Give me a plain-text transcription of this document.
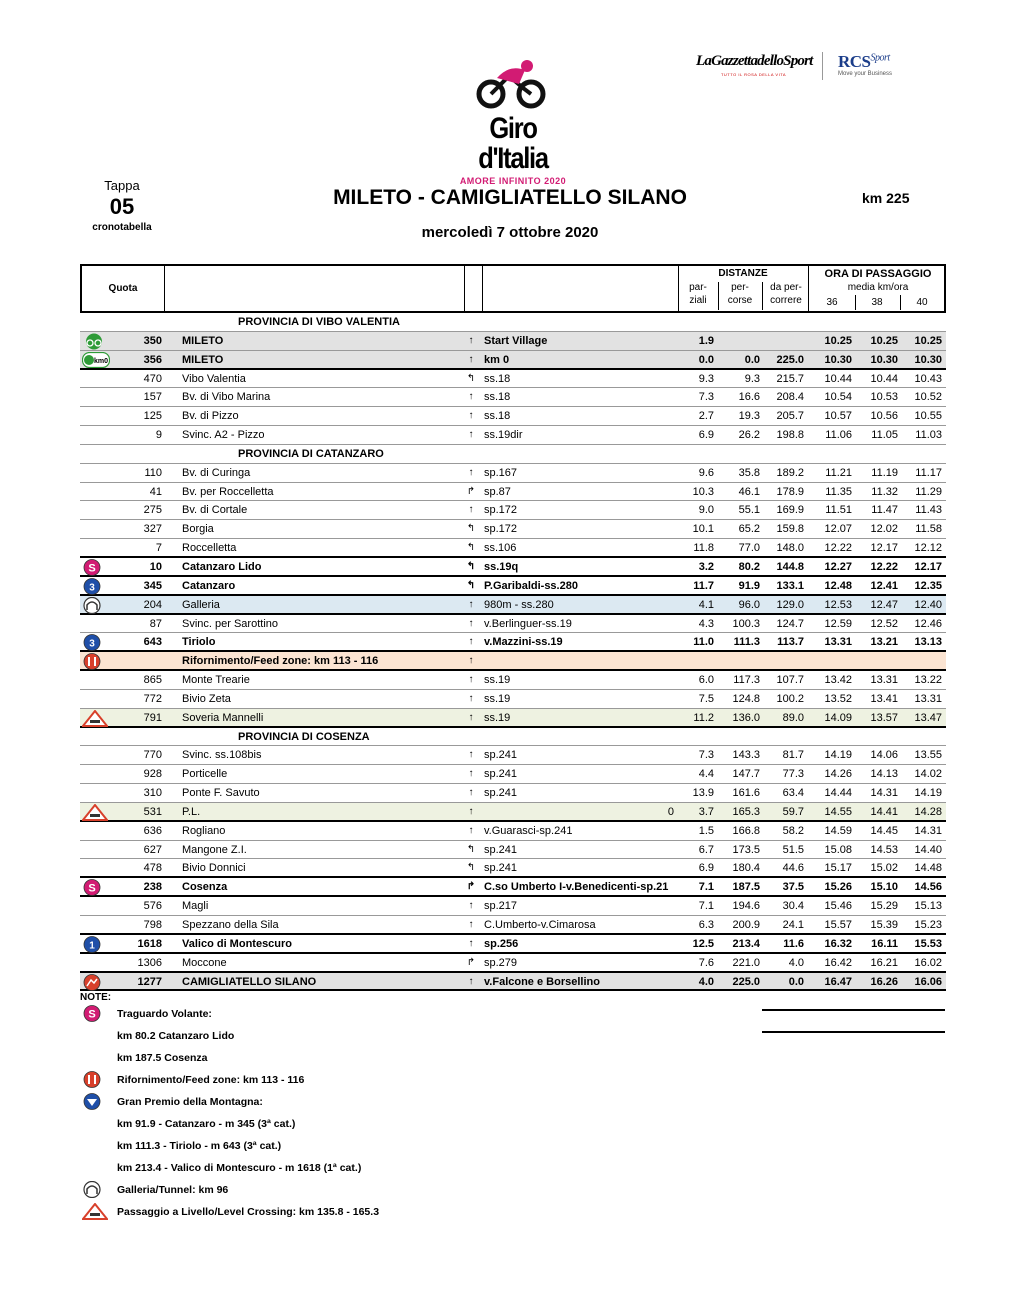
Giro d'Italia
AMORE INFINITO 2020
LaGazzettadelloSport
TUTTO IL ROSA DELLA VITA
$RCS^{Sport}$
Move your Business
Tappa
05
cronotabella
MILETO - CAMIGLIATELLO SILANO
mercoledì 7 ottobre 2020
km 225
Quota
DISTANZE
par-
ziali
per-
corse
da per-
correre
ORA DI PASSAGGIO
media km/ora
36	38	40
PROVINCIA DI VIBO VALENTIA
350 MILETO	↑ Start Village	1.9	10.25	10.25	10.25
km0	356 MILETO	↑ km 0	0.0	0.0	225.0	10.30	10.30	10.30
470 Vibo Valentia	↰ ss.18	9.3	9.3	215.7	10.44	10.44	10.43
157 Bv. di Vibo Marina	↑ ss.18	7.3	16.6	208.4	10.54	10.53	10.52
125 Bv. di Pizzo	↑ ss.18	2.7	19.3	205.7	10.57	10.56	10.55
9 Svinc. A2 - Pizzo	↑ ss.19dir	6.9	26.2	198.8	11.06	11.05	11.03
PROVINCIA DI CATANZARO
110 Bv. di Curinga	↑ sp.167	9.6	35.8	189.2	11.21	11.19	11.17
41 Bv. per Roccelletta	↱ sp.87	10.3	46.1	178.9	11.35	11.32	11.29
275 Bv. di Cortale	↑ sp.172	9.0	55.1	169.9	11.51	11.47	11.43
327 Borgia	↰ sp.172	10.1	65.2	159.8	12.07	12.02	11.58
7 Roccelletta	↰ ss.106	11.8	77.0	148.0	12.22	12.17	12.12
S	10 Catanzaro Lido	↰ ss.19q	3.2	80.2	144.8	12.27	12.22	12.17
3	345 Catanzaro	↰ P.Garibaldi-ss.280	11.7	91.9	133.1	12.48	12.41	12.35
204 Galleria	↑ 980m - ss.280	4.1	96.0	129.0	12.53	12.47	12.40
87 Svinc. per Sarottino	↑ v.Berlinguer-ss.19	4.3	100.3	124.7	12.59	12.52	12.46
3	643 Tiriolo	↑ v.Mazzini-ss.19	11.0	111.3	113.7	13.31	13.21	13.13
Rifornimento/Feed zone: km 113 - 116	↑
865 Monte Trearie	↑ ss.19	6.0	117.3	107.7	13.42	13.31	13.22
772 Bivio Zeta	↑ ss.19	7.5	124.8	100.2	13.52	13.41	13.31
791 Soveria Mannelli	↑ ss.19	11.2	136.0	89.0	14.09	13.57	13.47
PROVINCIA DI COSENZA
770 Svinc. ss.108bis	↑ sp.241	7.3	143.3	81.7	14.19	14.06	13.55
928 Porticelle	↑ sp.241	4.4	147.7	77.3	14.26	14.13	14.02
310 Ponte F. Savuto	↑ sp.241	13.9	161.6	63.4	14.44	14.31	14.19
531 P.L.	↑	0	3.7	165.3	59.7	14.55	14.41	14.28
636 Rogliano	↑ v.Guarasci-sp.241	1.5	166.8	58.2	14.59	14.45	14.31
627 Mangone Z.I.	↰ sp.241	6.7	173.5	51.5	15.08	14.53	14.40
478 Bivio Donnici	↰ sp.241	6.9	180.4	44.6	15.17	15.02	14.48
S	238 Cosenza	↱ C.so Umberto I-v.Benedicenti-sp.21	7.1	187.5	37.5	15.26	15.10	14.56
576 Magli	↑ sp.217	7.1	194.6	30.4	15.46	15.29	15.13
798 Spezzano della Sila	↑ C.Umberto-v.Cimarosa	6.3	200.9	24.1	15.57	15.39	15.23
1	1618 Valico di Montescuro	↑ sp.256	12.5	213.4	11.6	16.32	16.11	15.53
1306 Moccone	↱ sp.279	7.6	221.0	4.0	16.42	16.21	16.02
1277 CAMIGLIATELLO SILANO	↑ v.Falcone e Borsellino	4.0	225.0	0.0	16.47	16.26	16.06
NOTE:
S Traguardo Volante:
km 80.2 Catanzaro Lido
km 187.5 Cosenza
Rifornimento/Feed zone: km 113 - 116
Gran Premio della Montagna:
km 91.9 - Catanzaro - m 345 (3ª cat.)
km 111.3 - Tiriolo - m 643 (3ª cat.)
km 213.4 - Valico di Montescuro - m 1618 (1ª cat.)
Galleria/Tunnel: km 96
Passaggio a Livello/Level Crossing: km 135.8 - 165.3
